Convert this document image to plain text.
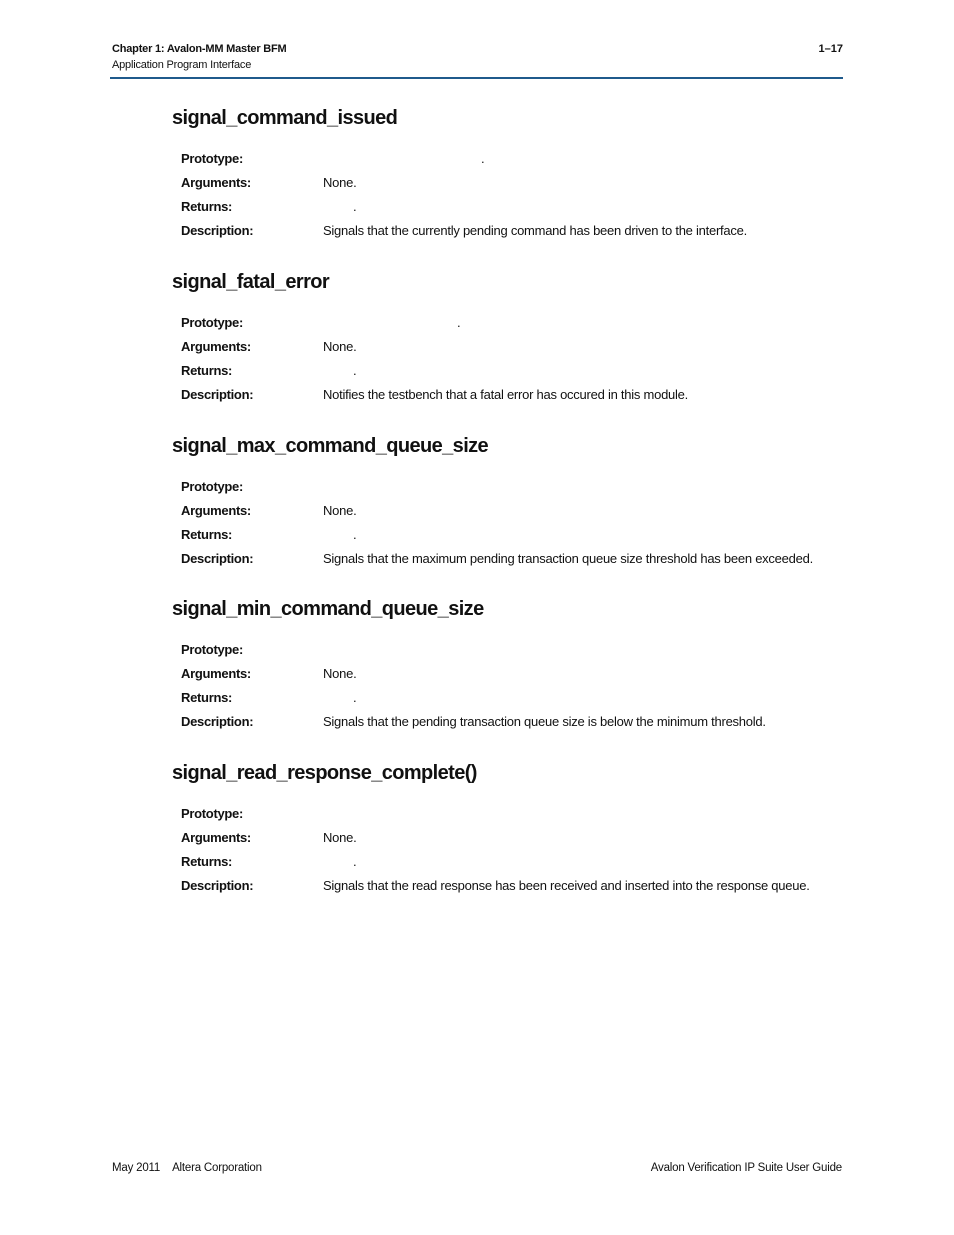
Chapter 1: Avalon-MM Master BFM
Application Program Interface
1–17
signal_command_issued
Prototype:	.
Arguments:	None.
Returns:	.
Description:	Signals that the currently pending command has been driven to the interface.
signal_fatal_error
Prototype:	.
Arguments:	None.
Returns:	.
Description:	Notifies the testbench that a fatal error has occured in this module.
signal_max_command_queue_size
Prototype:
Arguments:	None.
Returns:	.
Description:	Signals that the maximum pending transaction queue size threshold has been exceeded.
signal_min_command_queue_size
Prototype:
Arguments:	None.
Returns:	.
Description:	Signals that the pending transaction queue size is below the minimum threshold.
signal_read_response_complete()
Prototype:
Arguments:	None.
Returns:	.
Description:	Signals that the read response has been received and inserted into the response queue.
May 2011 Altera Corporation	Avalon Verification IP Suite User Guide
